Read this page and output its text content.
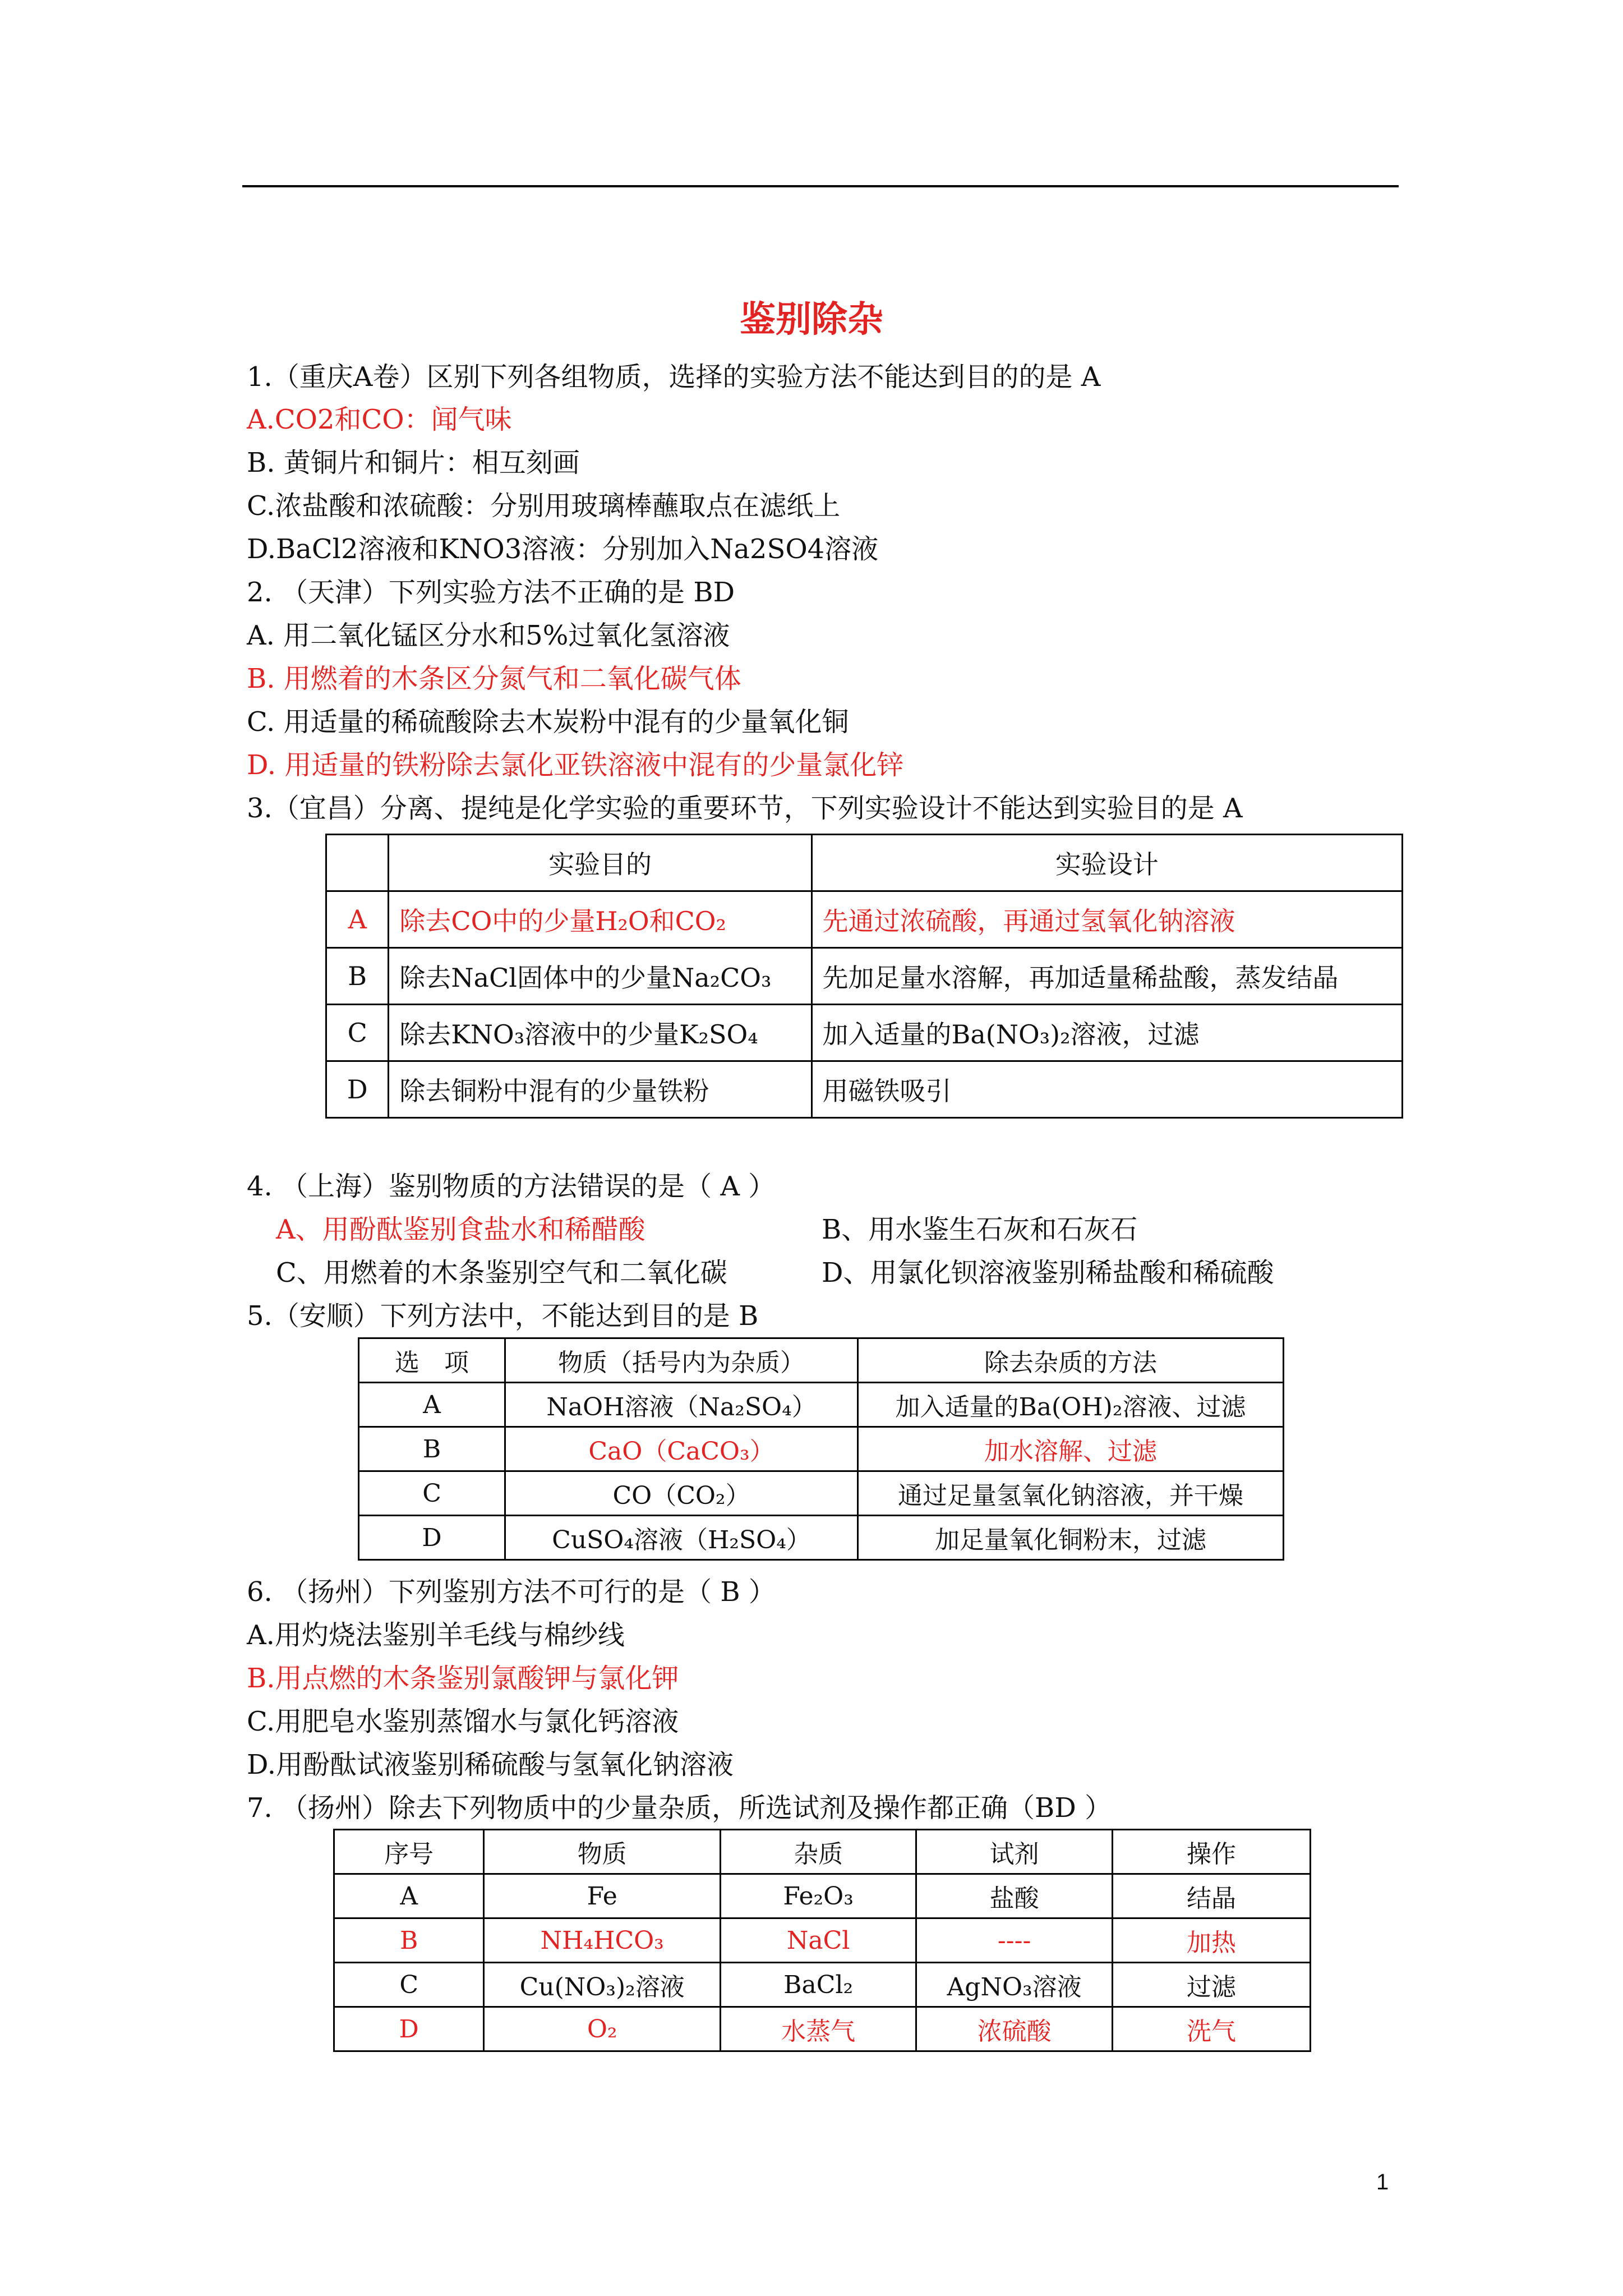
鉴别除杂
1.（重庆A卷）区别下列各组物质，选择的实验方法不能达到目的的是 A
A.CO2和CO：闻气味
B. 黄铜片和铜片：相互刻画
C.浓盐酸和浓硫酸：分别用玻璃棒蘸取点在滤纸上
D.BaCl2溶液和KNO3溶液：分别加入Na2SO4溶液
2. （天津）下列实验方法不正确的是 BD
A. 用二氧化锰区分水和5%过氧化氢溶液
B. 用燃着的木条区分氮气和二氧化碳气体
C. 用适量的稀硫酸除去木炭粉中混有的少量氧化铜
D. 用适量的铁粉除去氯化亚铁溶液中混有的少量氯化锌
3.（宜昌）分离、提纯是化学实验的重要环节，下列实验设计不能达到实验目的是 A
	实验目的	实验设计
A	除去CO中的少量H₂O和CO₂	先通过浓硫酸，再通过氢氧化钠溶液
B	除去NaCl固体中的少量Na₂CO₃	先加足量水溶解，再加适量稀盐酸，蒸发结晶
C	除去KNO₃溶液中的少量K₂SO₄	加入适量的Ba(NO₃)₂溶液，过滤
D	除去铜粉中混有的少量铁粉	用磁铁吸引
4. （上海）鉴别物质的方法错误的是（ A ）
A、用酚酞鉴别食盐水和稀醋酸	B、用水鉴生石灰和石灰石
C、用燃着的木条鉴别空气和二氧化碳	D、用氯化钡溶液鉴别稀盐酸和稀硫酸
5.（安顺）下列方法中，不能达到目的是 B
选　项	物质（括号内为杂质）	除去杂质的方法
A	NaOH溶液（Na₂SO₄）	加入适量的Ba(OH)₂溶液、过滤
B	CaO（CaCO₃）	加水溶解、过滤
C	CO（CO₂）	通过足量氢氧化钠溶液，并干燥
D	CuSO₄溶液（H₂SO₄）	加足量氧化铜粉末，过滤
6. （扬州）下列鉴别方法不可行的是（ B ）
A.用灼烧法鉴别羊毛线与棉纱线
B.用点燃的木条鉴别氯酸钾与氯化钾
C.用肥皂水鉴别蒸馏水与氯化钙溶液
D.用酚酞试液鉴别稀硫酸与氢氧化钠溶液
7. （扬州）除去下列物质中的少量杂质，所选试剂及操作都正确（BD ）
序号	物质	杂质	试剂	操作
A	Fe	Fe₂O₃	盐酸	结晶
B	NH₄HCO₃	NaCl	----	加热
C	Cu(NO₃)₂溶液	BaCl₂	AgNO₃溶液	过滤
D	O₂	水蒸气	浓硫酸	洗气
1
